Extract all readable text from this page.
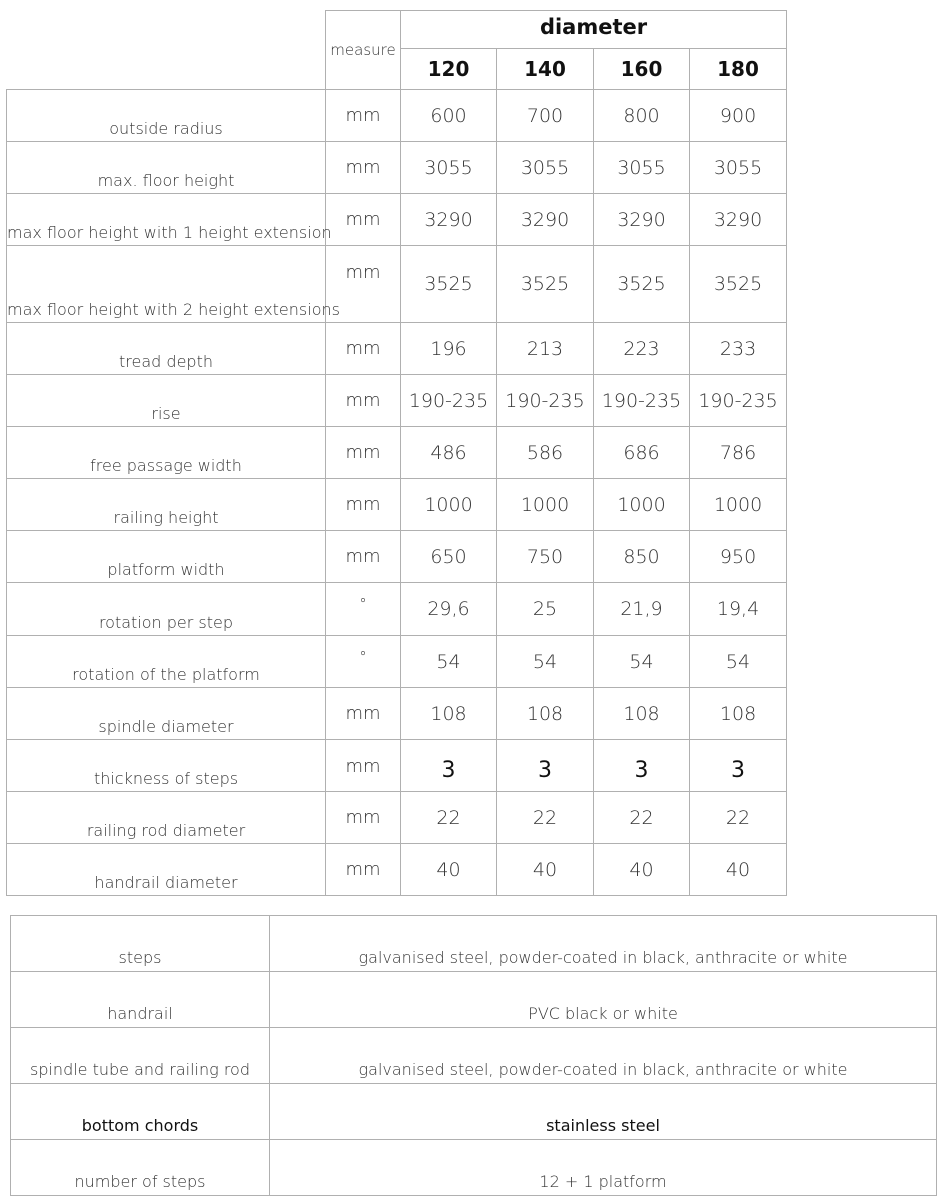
	measure	diameter			
		120	140	160	180
outside radius	mm	600	700	800	900
max. floor height	mm	3055	3055	3055	3055
max floor height with 1 height extension	mm	3290	3290	3290	3290
max floor height with 2 height extensions	mm	3525	3525	3525	3525
tread depth	mm	196	213	223	233
rise	mm	190-235	190-235	190-235	190-235
free passage width	mm	486	586	686	786
railing height	mm	1000	1000	1000	1000
platform width	mm	650	750	850	950
rotation per step	°	29,6	25	21,9	19,4
rotation of the platform	°	54	54	54	54
spindle diameter	mm	108	108	108	108
thickness of steps	mm	3	3	3	3
railing rod diameter	mm	22	22	22	22
handrail diameter	mm	40	40	40	40
steps	galvanised steel, powder-coated in black, anthracite or white
handrail	PVC black or white
spindle tube and railing rod	galvanised steel, powder-coated in black, anthracite or white
bottom chords	stainless steel
number of steps	12 + 1 platform
